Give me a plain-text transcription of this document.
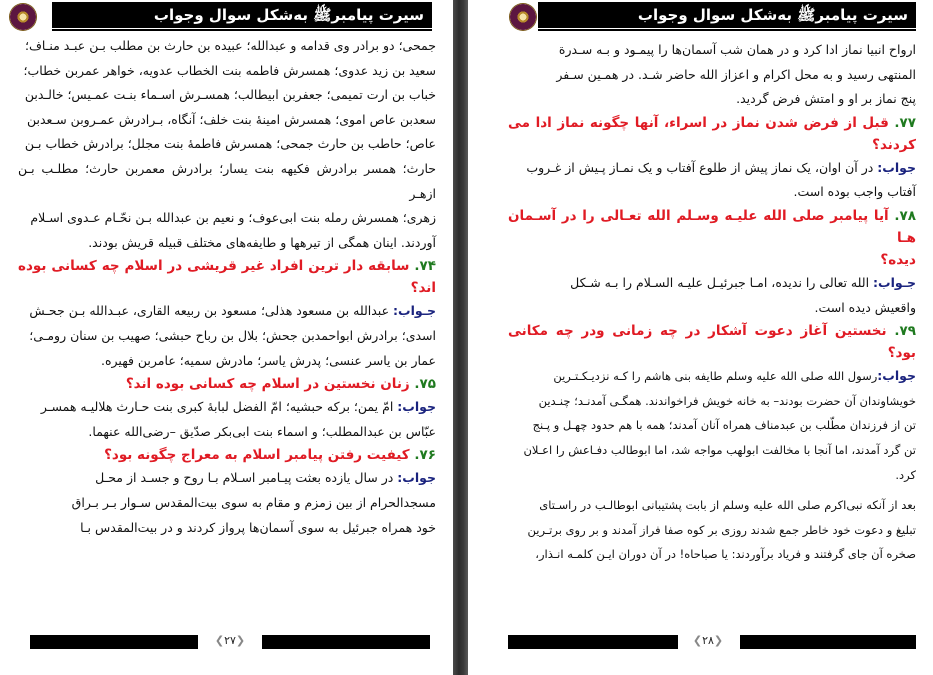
سیرت پیامبرﷺ به‌شکل سوال وجواب

جمحی؛ دو برادر وی قدامه و عبدالله؛ عبیده بن حارث بن مطلب بـن عبـد منـاف؛

سعید بن زید عدوی؛ همسرش فاطمه بنت الخطاب عدویه، خواهر عمربن خطاب؛

خباب بن ارت تمیمی؛ جعفربن ابیطالب؛ همسـرش اسـماء بنـت عمـیس؛ خالـدبن

سعدبن عاص اموی؛ همسرش امینهٔ بنت خلف؛ آنگاه، بـرادرش عمـروبن سـعدبن

عاص؛ حاطب بن حارث جمحی؛ همسرش فاطمهٔ بنت مجلل؛ برادرش خطاب بـن

حارث؛ همسر برادرش فکیهه بنت یسار؛ برادرش معمربن حارث؛ مطلـب بـن ازهـر

زهری؛ همسرش رمله بنت ابی‌عوف؛ و نعیم بن عبدالله بـن نحّـام عـدوی اسـلام

آوردند. اینان همگی از تیرهها و طایفه‌های مختلف قبیله قریش بودند.

۷۴. سابقه دار ترین افراد غیر قریشی در اسلام چه کسانی بوده اند؟

جـواب: عبدالله بن مسعود هذلی؛ مسعود بن ربیعه القاری، عبـدالله بـن جحـش

اسدی؛ برادرش ابواحمدبن جحش؛ بلال بن رباح حبشی؛ صهیب بن سنان رومـی؛

عمار بن یاسر عنسی؛ پدرش یاسر؛ مادرش سمیه؛ عامربن فهیره.

۷۵. زنان نخستین در اسلام چه کسانی بوده اند؟

جواب: امّ یمن؛ برکه حبشیه؛ امّ الفضل لبابهٔ کبری بنت حـارث هلالیـه همسـر

عبّاس بن عبدالمطلب؛ و اسماء بنت ابی‌بکر صدّیق –رضی‌الله عنهما.

۷۶. کیفیت رفتن پیامبر اسلام به معراج چگونه بود؟

جواب: در سال یازده بعثت پیـامبر اسـلام بـا روح و جسـد از محـل

مسجدالحرام از بین زمزم و مقام به سوی بیت‌المقدس سـوار بـر بـراق

خود همراه جبرئیل به سوی آسمان‌ها پرواز کردند و در بیت‌المقدس بـا

❮۲۷❯
سیرت پیامبرﷺ به‌شکل سوال وجواب

ارواح انبیا نماز ادا کرد و در همان شب آسمان‌ها را پیمـود و بـه سـدرة

المنتهی رسید و به محل اکرام و اعزاز الله حاضر شـد. در همـین سـفر

پنج نماز بر او و امتش فرض گردید.

۷۷. قبل از فرض شدن نماز در اسراء، آنها چگونه نماز ادا می کردند؟

جواب: در آن اوان، یک نماز پیش از طلوع آفتاب و یک نمـاز پـیش از غـروب

آفتاب واجب بوده است.

۷۸. آیا پیامبر صلی الله علیـه وسـلم الله تعـالی را در آسـمان هـا

دیده؟

جـواب: الله تعالی را ندیده، امـا جبرئیـل علیـه السـلام را بـه شـکل

واقعیش دیده است.

۷۹. نخستین آغاز دعوت آشکار در چه زمانی ودر چه مکانی بود؟

جواب:رسول الله صلی الله علیه وسلم طایفه بنی هاشم را کـه نزدیـکـتـرین

خویشاوندان آن حضرت بودند– به خانه خویش فراخواندند. همگـی آمدنـد؛ چنـدین

تن از فرزندان مطّلب بن عبدمناف همراه آنان آمدند؛ همه با هم حدود چهـل و پـنج

تن گرد آمدند، اما آنجا با مخالفت ابولهب مواجه شد، اما ابوطالب دفـاعش را اعـلان

کرد.

بعد از آنکه نبی‌اکرم صلی الله علیه وسلم از بابت پشتیبانی ابوطالـب در راسـتای

تبلیغ و دعوت خود خاطر جمع شدند روزی بر کوه صفا فراز آمدند و بر روی برتـرین

صخره آن جای گرفتند و فریاد برآوردند: یا صباحاه! در آن دوران ایـن کلمـه انـذار،

❮۲۸❯
